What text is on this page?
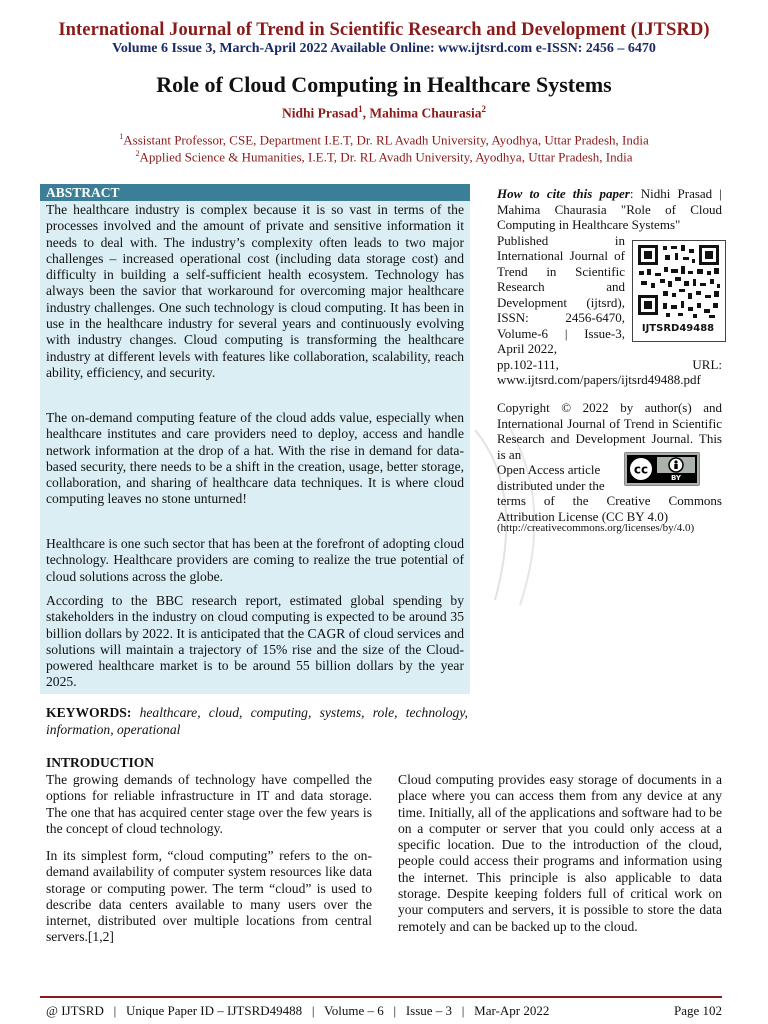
International Journal of Trend in Scientific Research and Development (IJTSRD)
Volume 6 Issue 3, March-April 2022 Available Online: www.ijtsrd.com e-ISSN: 2456 – 6470
Role of Cloud Computing in Healthcare Systems
Nidhi Prasad$^1$, Mahima Chaurasia$^2$
$^1$Assistant Professor, CSE, Department I.E.T, Dr. RL Avadh University, Ayodhya, Uttar Pradesh, India
$^2$Applied Science & Humanities, I.E.T, Dr. RL Avadh University, Ayodhya, Uttar Pradesh, India
ABSTRACT
The healthcare industry is complex because it is so vast in terms of the processes involved and the amount of private and sensitive information it needs to deal with. The industry’s complexity often leads to two major challenges – increased operational cost (including data storage cost) and difficulty in building a self-sufficient health ecosystem. Technology has always been the savior that workaround for overcoming major healthcare industry challenges. One such technology is cloud computing. It has been in use in the healthcare industry for several years and continuously evolving with industry changes. Cloud computing is transforming the healthcare industry at different levels with features like collaboration, scalability, reach ability, efficiency, and security.
The on-demand computing feature of the cloud adds value, especially when healthcare institutes and care providers need to deploy, access and handle network information at the drop of a hat. With the rise in demand for data-based security, there needs to be a shift in the creation, usage, better storage, collaboration, and sharing of healthcare data techniques. It is where cloud computing leaves no stone unturned!
Healthcare is one such sector that has been at the forefront of adopting cloud technology. Healthcare providers are coming to realize the true potential of cloud solutions across the globe.
According to the BBC research report, estimated global spending by stakeholders in the industry on cloud computing is expected to be around 35 billion dollars by 2022. It is anticipated that the CAGR of cloud services and solutions will maintain a trajectory of 15% rise and the size of the Cloud-powered healthcare market is to be around 55 billion dollars by the year 2025.
KEYWORDS: healthcare, cloud, computing, systems, role, technology, information, operational
How to cite this paper: Nidhi Prasad | Mahima Chaurasia "Role of Cloud Computing in Healthcare Systems"
Published in International Journal of Trend in Scientific Research and Development (ijtsrd), ISSN: 2456-6470, Volume-6 | Issue-3, April 2022,
pp.102-111, URL: www.ijtsrd.com/papers/ijtsrd49488.pdf
IJTSRD49488
Copyright © 2022 by author(s) and International Journal of Trend in Scientific Research and Development Journal. This is an
Open Access article distributed under the
terms of the Creative Commons Attribution License (CC BY 4.0)
cc
BY
(http://creativecommons.org/licenses/by/4.0)
INTRODUCTION
The growing demands of technology have compelled the options for reliable infrastructure in IT and data storage. The one that has acquired center stage over the few years is the concept of cloud technology.
In its simplest form, “cloud computing” refers to the on-demand availability of computer system resources like data storage or computing power. The term “cloud” is used to describe data centers available to many users over the internet, distributed over multiple locations from central servers.[1,2]
Cloud computing provides easy storage of documents in a place where you can access them from any device at any time. Initially, all of the applications and software had to be on a computer or server that you could only access at a specific location. Due to the introduction of the cloud, people could access their programs and information using the internet. This principle is also applicable to data storage. Despite keeping folders full of critical work on your computers and servers, it is possible to store the data remotely and can be backed up to the cloud.
@ IJTSRD   |   Unique Paper ID – IJTSRD49488   |   Volume – 6   |   Issue – 3   |   Mar-Apr 2022	Page 102
